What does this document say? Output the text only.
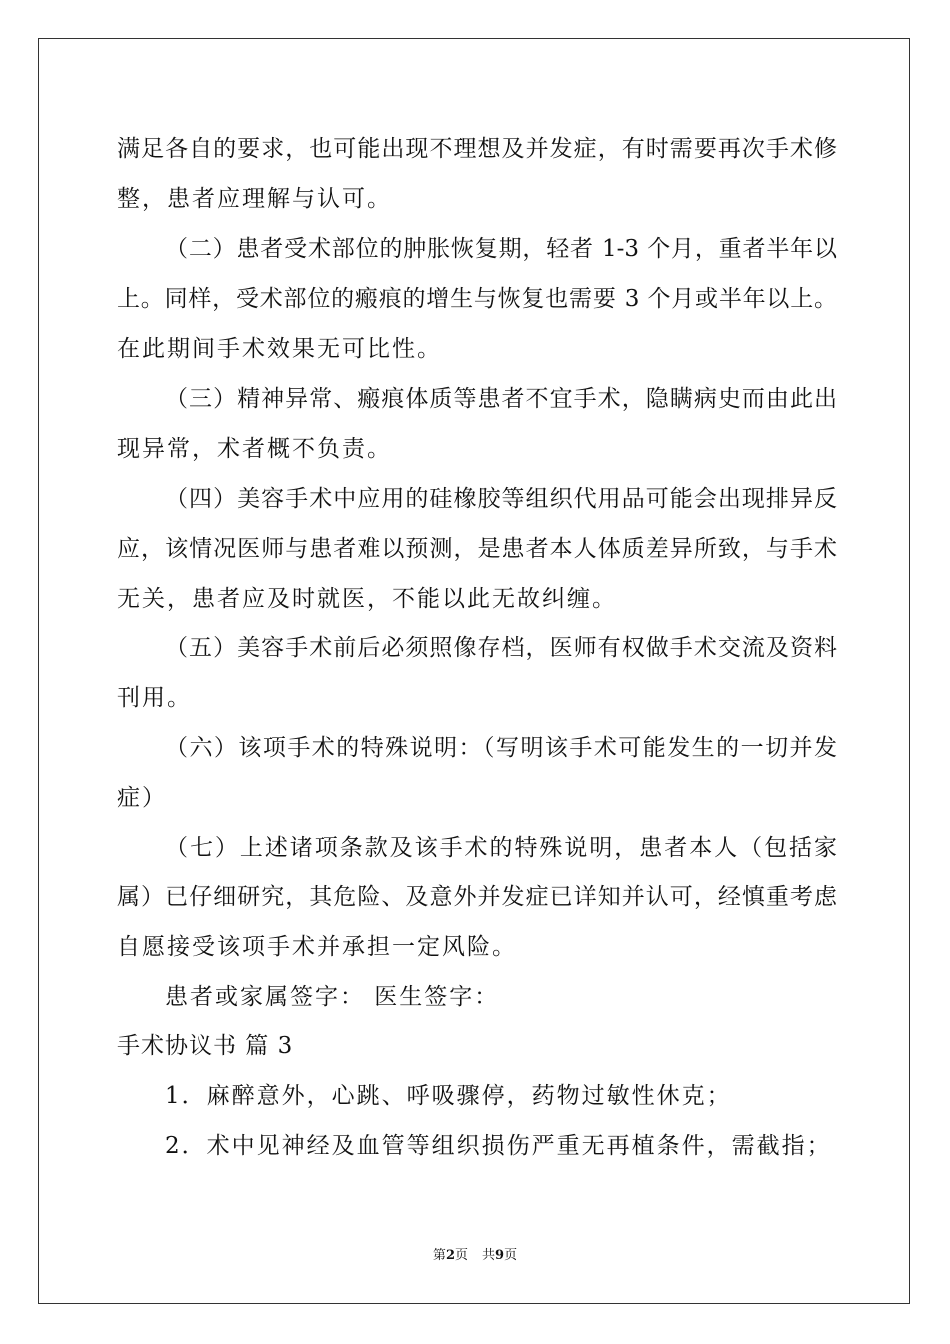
满足各自的要求，也可能出现不理想及并发症，有时需要再次手术修
整，患者应理解与认可。
（二）患者受术部位的肿胀恢复期，轻者 1-3 个月，重者半年以
上。同样，受术部位的瘢痕的增生与恢复也需要 3 个月或半年以上。
在此期间手术效果无可比性。
（三）精神异常、瘢痕体质等患者不宜手术，隐瞒病史而由此出
现异常，术者概不负责。
（四）美容手术中应用的硅橡胶等组织代用品可能会出现排异反
应，该情况医师与患者难以预测，是患者本人体质差异所致，与手术
无关，患者应及时就医，不能以此无故纠缠。
（五）美容手术前后必须照像存档，医师有权做手术交流及资料
刊用。
（六）该项手术的特殊说明：（写明该手术可能发生的一切并发
症）
（七）上述诸项条款及该手术的特殊说明，患者本人（包括家
属）已仔细研究，其危险、及意外并发症已详知并认可，经慎重考虑
自愿接受该项手术并承担一定风险。
患者或家属签字： 医生签字：
手术协议书 篇 3
1．麻醉意外，心跳、呼吸骤停，药物过敏性休克；
2．术中见神经及血管等组织损伤严重无再植条件，需截指；
第2页 共9页
